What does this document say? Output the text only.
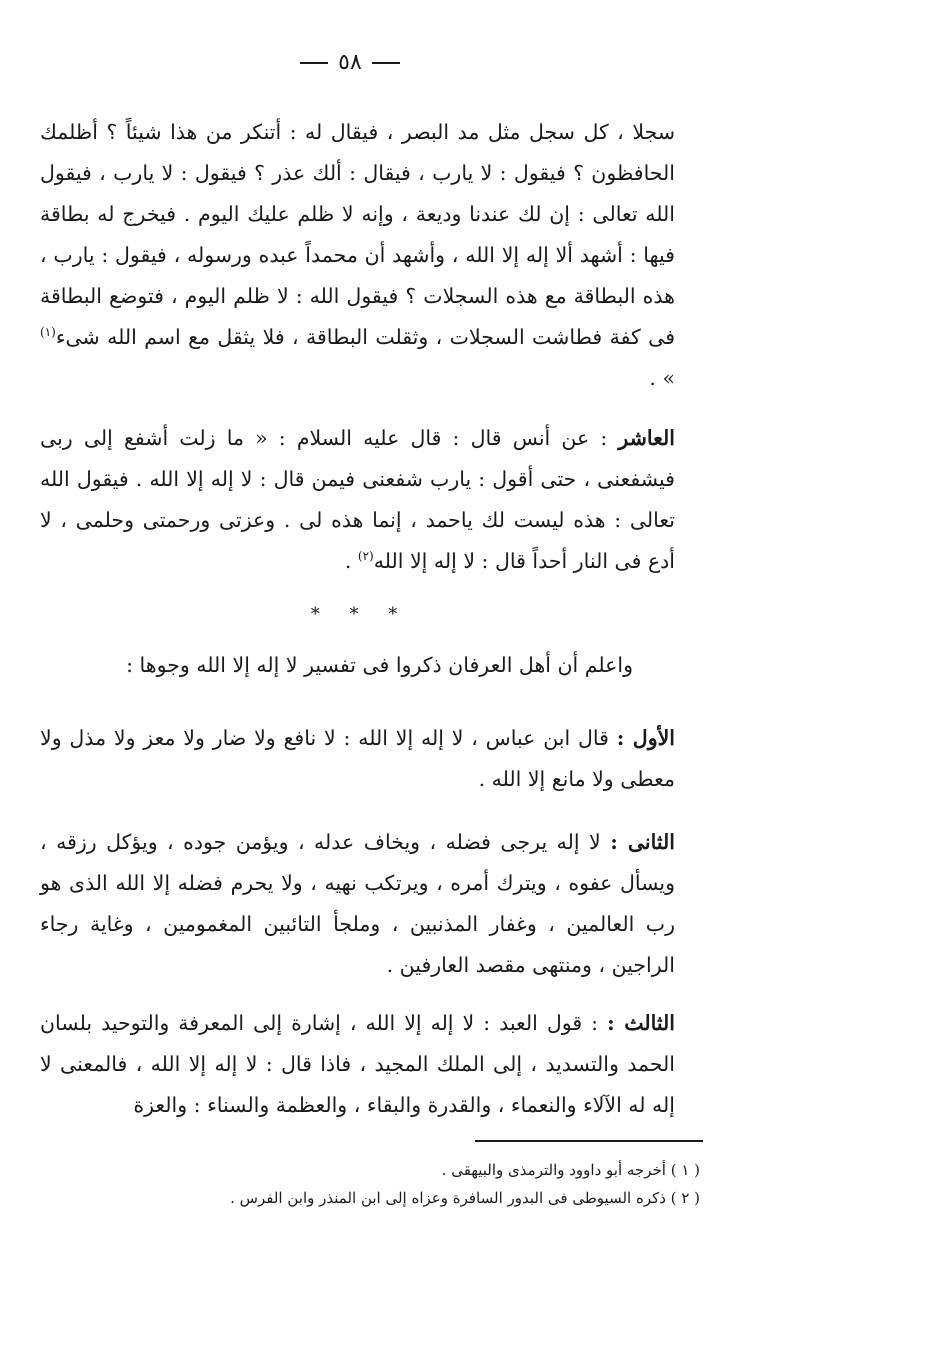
٥٨

سجلا ، كل سجل مثل مد البصر ، فيقال له : أتنكر من هذا شيئاً ؟ أظلمك الحافظون ؟ فيقول : لا يارب ، فيقال : ألك عذر ؟ فيقول : لا يارب ، فيقول الله تعالى : إن لك عندنا وديعة ، وإنه لا ظلم عليك اليوم . فيخرج له بطاقة فيها : أشهد ألا إله إلا الله ، وأشهد أن محمداً عبده ورسوله ، فيقول : يارب ، هذه البطاقة مع هذه السجلات ؟ فيقول الله : لا ظلم اليوم ، فتوضع البطاقة فى كفة فطاشت السجلات ، وثقلت البطاقة ، فلا يثقل مع اسم الله شىء$^{(١)}$ » .

العاشر : عن أنس قال : قال عليه السلام : « ما زلت أشفع إلى ربى فيشفعنى ، حتى أقول : يارب شفعنى فيمن قال : لا إله إلا الله . فيقول الله تعالى : هذه ليست لك ياحمد ، إنما هذه لى . وعزتى ورحمتى وحلمى ، لا أدع فى النار أحداً قال : لا إله إلا الله$^{(٢)}$ .

* * *

واعلم أن أهل العرفان ذكروا فى تفسير لا إله إلا الله وجوها :

الأول : قال ابن عباس ، لا إله إلا الله : لا نافع ولا ضار ولا معز ولا مذل ولا معطى ولا مانع إلا الله .

الثانى : لا إله يرجى فضله ، ويخاف عدله ، ويؤمن جوده ، ويؤكل رزقه ، ويسأل عفوه ، ويترك أمره ، ويرتكب نهيه ، ولا يحرم فضله إلا الله الذى هو رب العالمين ، وغفار المذنبين ، وملجأ التائبين المغمومين ، وغاية رجاء الراجين ، ومنتهى مقصد العارفين .

الثالث : : قول العبد : لا إله إلا الله ، إشارة إلى المعرفة والتوحيد بلسان الحمد والتسديد ، إلى الملك المجيد ، فاذا قال : لا إله إلا الله ، فالمعنى لا إله له الآلاء والنعماء ، والقدرة والبقاء ، والعظمة والسناء : والعزة

( ١ ) أخرجه أبو داوود والترمذى والبيهقى .

( ٢ ) ذكره السيوطى فى البدور السافرة وعزاه إلى ابن المنذر وابن الفرس .
